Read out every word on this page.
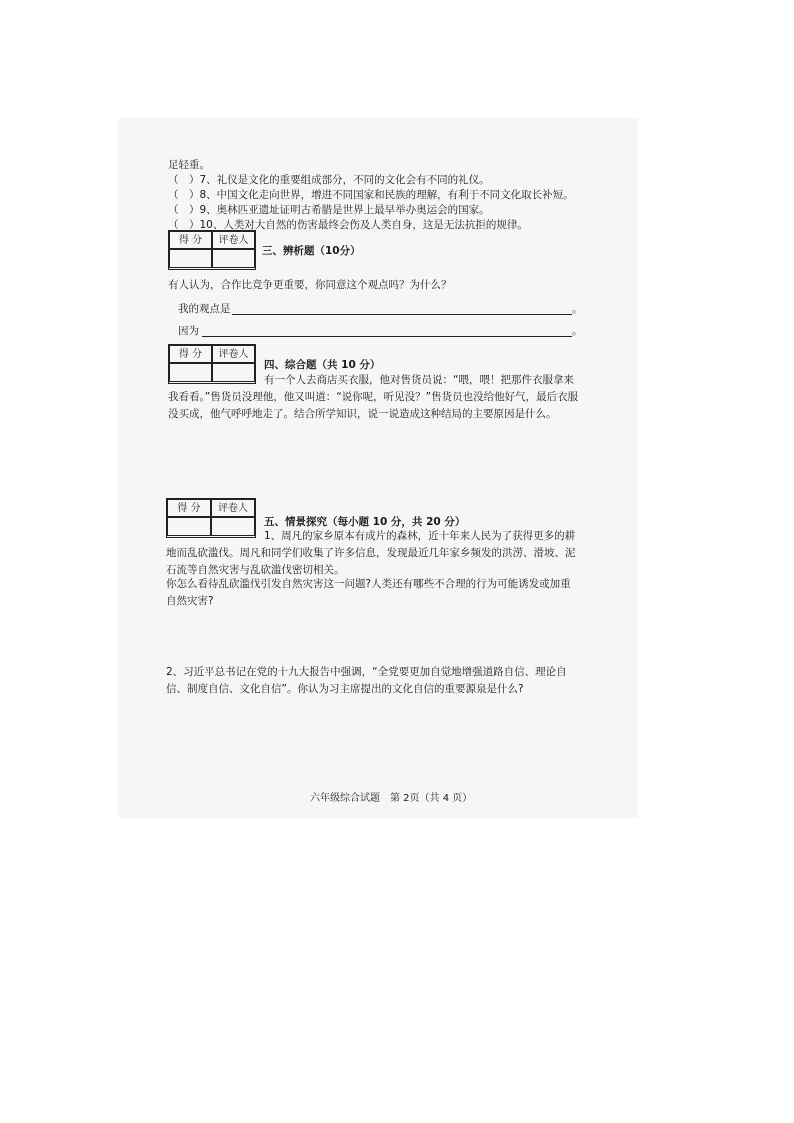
足轻重。
（　）7、礼仪是文化的重要组成部分，不同的文化会有不同的礼仪。
（　）8、中国文化走向世界，增进不同国家和民族的理解，有利于不同文化取长补短。
（　）9、奥林匹亚遗址证明古希腊是世界上最早举办奥运会的国家。
（　）10、人类对大自然的伤害最终会伤及人类自身，这是无法抗拒的规律。
得 分	评卷人
三、辨析题（10分）
有人认为，合作比竞争更重要，你同意这个观点吗？为什么？
我的观点是	。
因为	。
得 分	评卷人
四、综合题（共 10 分）
有一个人去商店买衣服，他对售货员说：“喂，喂！把那件衣服拿来我看看。”售货员没理他，他又叫道：“说你呢，听见没？”售货员也没给他好气，最后衣服没买成，他气呼呼地走了。结合所学知识，说一说造成这种结局的主要原因是什么。
得 分	评卷人
五、情景探究（每小题 10 分，共 20 分）
1、周凡的家乡原本有成片的森林，近十年来人民为了获得更多的耕地而乱砍滥伐。周凡和同学们收集了许多信息，发现最近几年家乡频发的洪涝、滑坡、泥石流等自然灾害与乱砍滥伐密切相关。
你怎么看待乱砍滥伐引发自然灾害这一问题?人类还有哪些不合理的行为可能诱发或加重自然灾害?
2、习近平总书记在党的十九大报告中强调，“全党要更加自觉地增强道路自信、理论自信、制度自信、文化自信”。你认为习主席提出的文化自信的重要源泉是什么?
六年级综合试题　第 2页（共 4 页）
